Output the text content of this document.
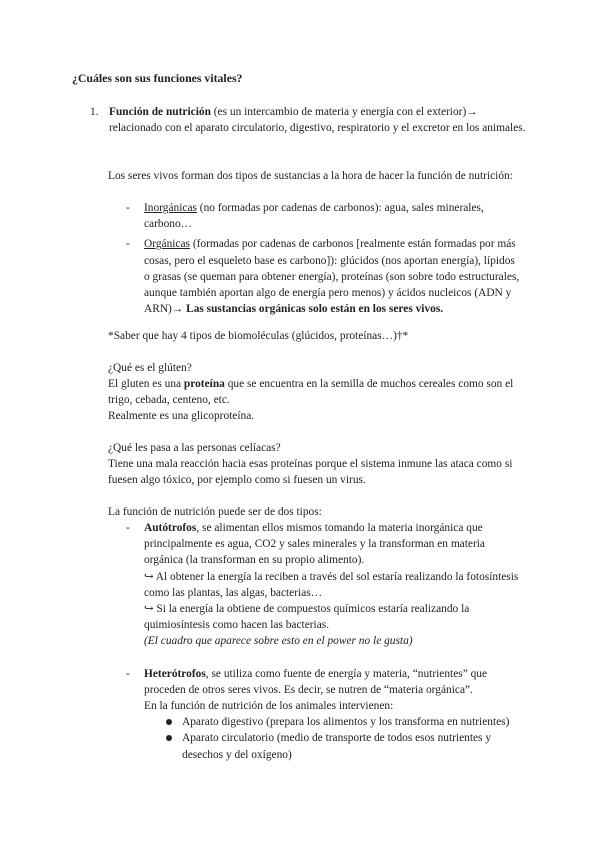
¿Cuáles son sus funciones vitales?
1. Función de nutrición (es un intercambio de materia y energía con el exterior)→ relacionado con el aparato circulatorio, digestivo, respiratorio y el excretor en los animales.
Los seres vivos forman dos tipos de sustancias a la hora de hacer la función de nutrición:
- Inorgánicas (no formadas por cadenas de carbonos): agua, sales minerales, carbono…
- Orgánicas (formadas por cadenas de carbonos [realmente están formadas por más cosas, pero el esqueleto base es carbono]): glúcidos (nos aportan energía), lípidos o grasas (se queman para obtener energía), proteínas (son sobre todo estructurales, aunque también aportan algo de energía pero menos) y ácidos nucleicos (ADN y ARN)→ Las sustancias orgánicas solo están en los seres vivos.
*Saber que hay 4 tipos de biomoléculas (glúcidos, proteínas…)†*
¿Qué es el glúten?
El gluten es una proteína que se encuentra en la semilla de muchos cereales como son el trigo, cebada, centeno, etc.
Realmente es una glicoproteína.
¿Qué les pasa a las personas celíacas?
Tiene una mala reacción hacia esas proteínas porque el sistema inmune las ataca como si fuesen algo tóxico, por ejemplo como si fuesen un virus.
La función de nutrición puede ser de dos tipos:
- Autótrofos, se alimentan ellos mismos tomando la materia inorgánica que principalmente es agua, CO2 y sales minerales y la transforman en materia orgánica (la transforman en su propio alimento).
↪ Al obtener la energía la reciben a través del sol estaría realizando la fotosíntesis como las plantas, las algas, bacterias…
↪ Si la energía la obtiene de compuestos químicos estaría realizando la quimiosíntesis como hacen las bacterias.
(El cuadro que aparece sobre esto en el power no le gusta)
- Heterótrofos, se utiliza como fuente de energía y materia, “nutrientes” que proceden de otros seres vivos. Es decir, se nutren de “materia orgánica”.
En la función de nutrición de los animales intervienen:
Aparato digestivo (prepara los alimentos y los transforma en nutrientes)
Aparato circulatorio (medio de transporte de todos esos nutrientes y desechos y del oxígeno)
